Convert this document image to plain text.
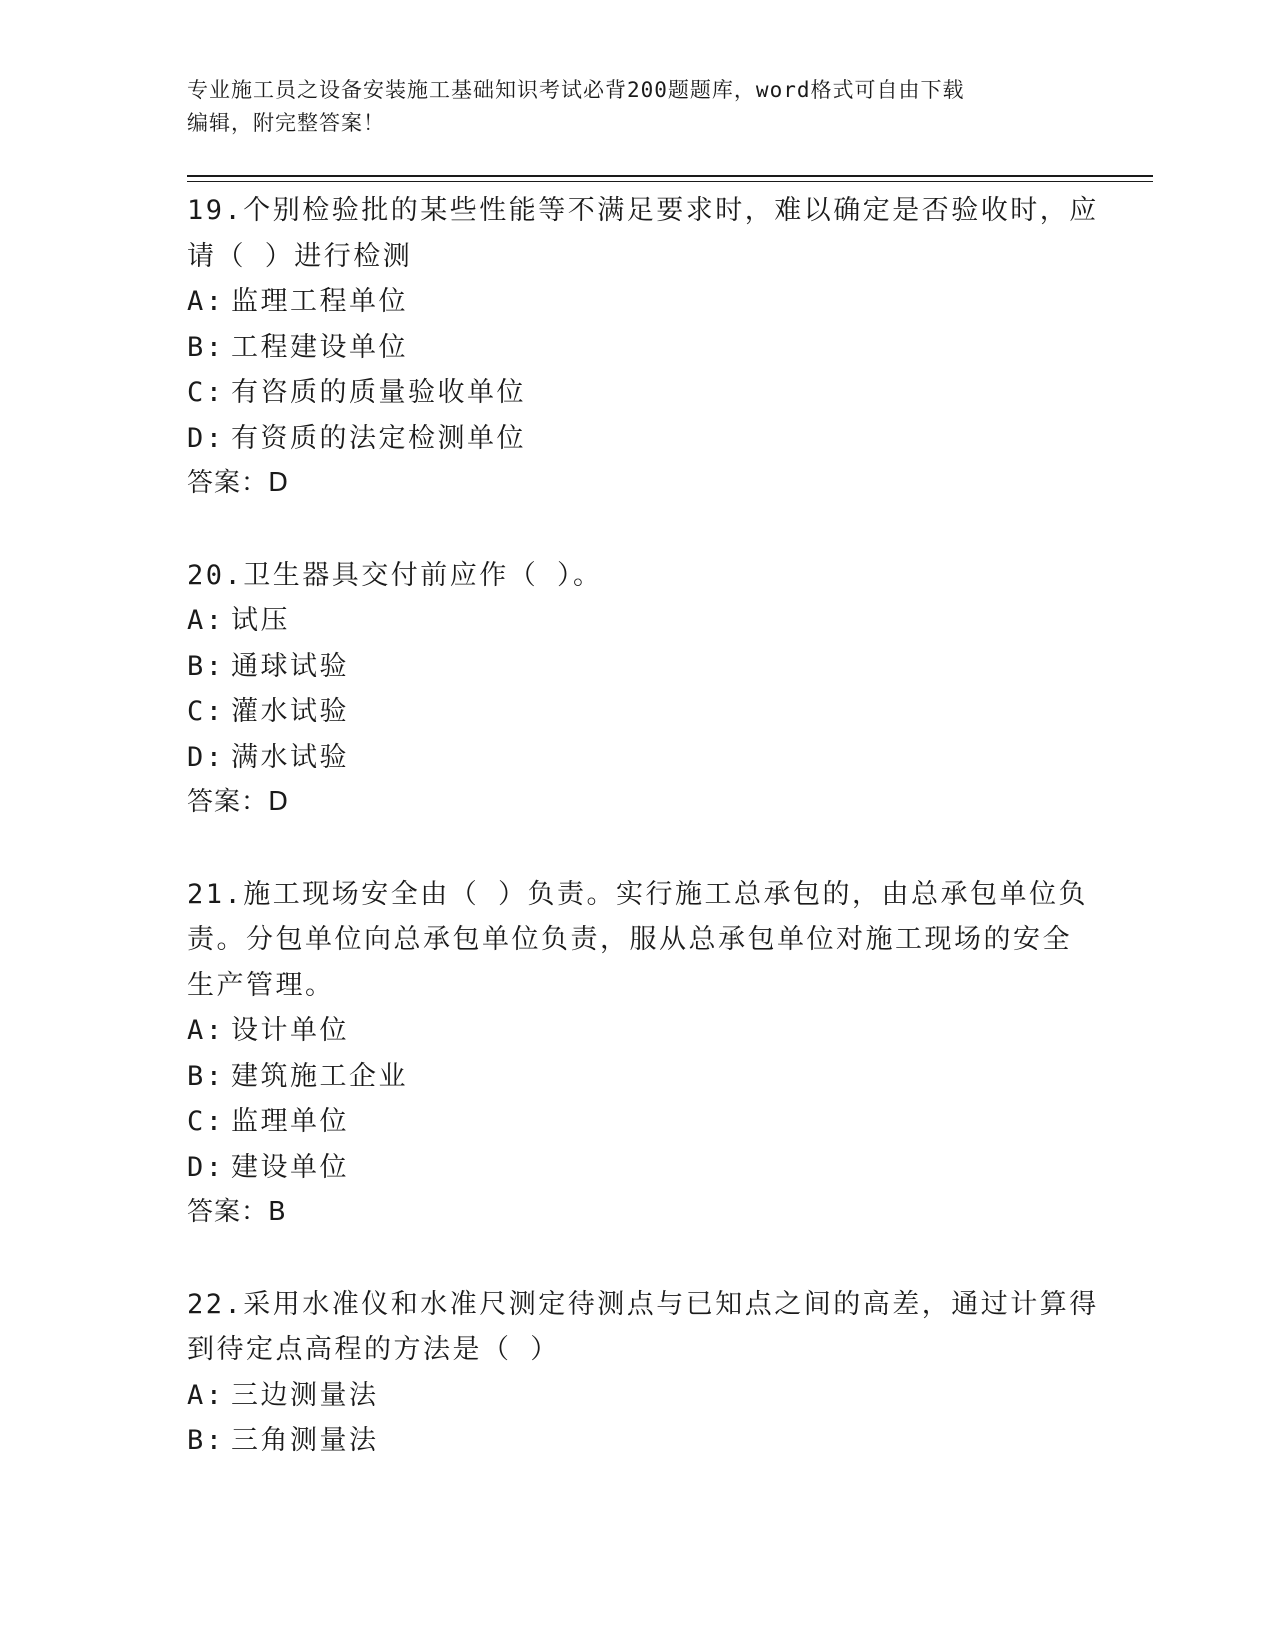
专业施工员之设备安装施工基础知识考试必背200题题库，word格式可自由下载
编辑，附完整答案！
19.个别检验批的某些性能等不满足要求时，难以确定是否验收时，应
请（ ）进行检测
A: 监理工程单位
B: 工程建设单位
C: 有咨质的质量验收单位
D: 有资质的法定检测单位
答案：D
20.卫生器具交付前应作（ ）。
A: 试压
B: 通球试验
C: 灌水试验
D: 满水试验
答案：D
21.施工现场安全由（ ）负责。实行施工总承包的，由总承包单位负
责。分包单位向总承包单位负责，服从总承包单位对施工现场的安全
生产管理。
A: 设计单位
B: 建筑施工企业
C: 监理单位
D: 建设单位
答案：B
22.采用水准仪和水准尺测定待测点与已知点之间的高差，通过计算得
到待定点高程的方法是（ ）
A: 三边测量法
B: 三角测量法
